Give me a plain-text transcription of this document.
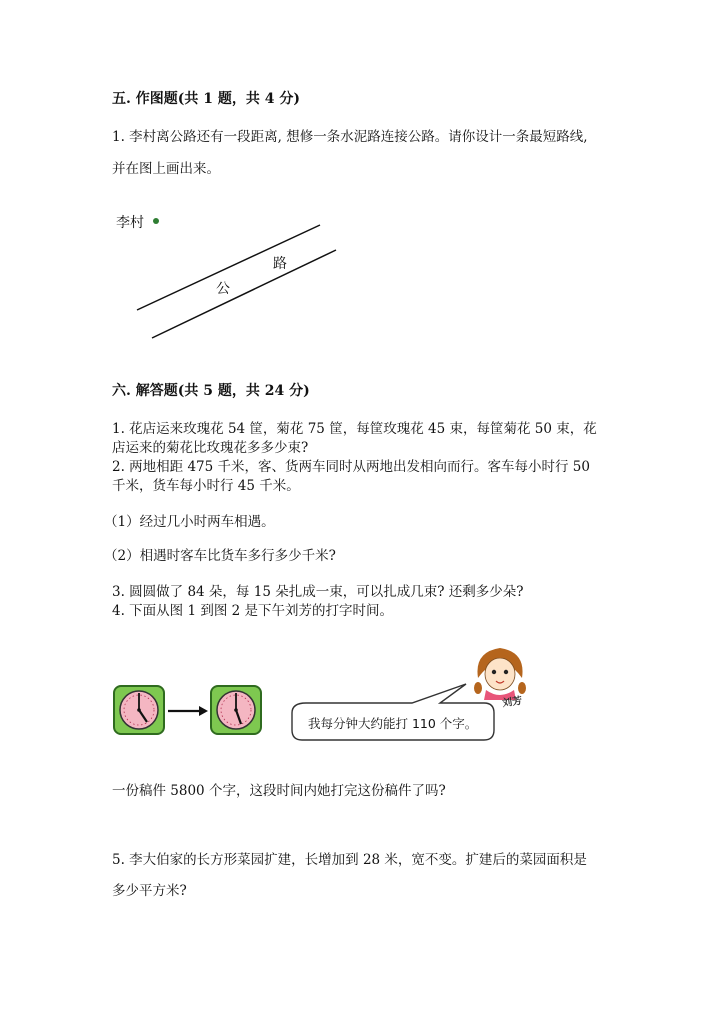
五. 作图题(共 1 题，共 4 分)
1. 李村离公路还有一段距离, 想修一条水泥路连接公路。请你设计一条最短路线,
并在图上画出来。
李村
路
公
六. 解答题(共 5 题，共 24 分)
1. 花店运来玫瑰花 54 筐，菊花 75 筐，每筐玫瑰花 45 束，每筐菊花 50 束，花
店运来的菊花比玫瑰花多多少束?
2. 两地相距 475 千米，客、货两车同时从两地出发相向而行。客车每小时行 50
千米，货车每小时行 45 千米。
（1）经过几小时两车相遇。
（2）相遇时客车比货车多行多少千米?
3. 圆圆做了 84 朵，每 15 朵扎成一束，可以扎成几束? 还剩多少朵?
4. 下面从图 1 到图 2 是下午刘芳的打字时间。
我每分钟大约能打 110 个字。
刘芳
一份稿件 5800 个字，这段时间内她打完这份稿件了吗?
5. 李大伯家的长方形菜园扩建，长增加到 28 米，宽不变。扩建后的菜园面积是
多少平方米?
